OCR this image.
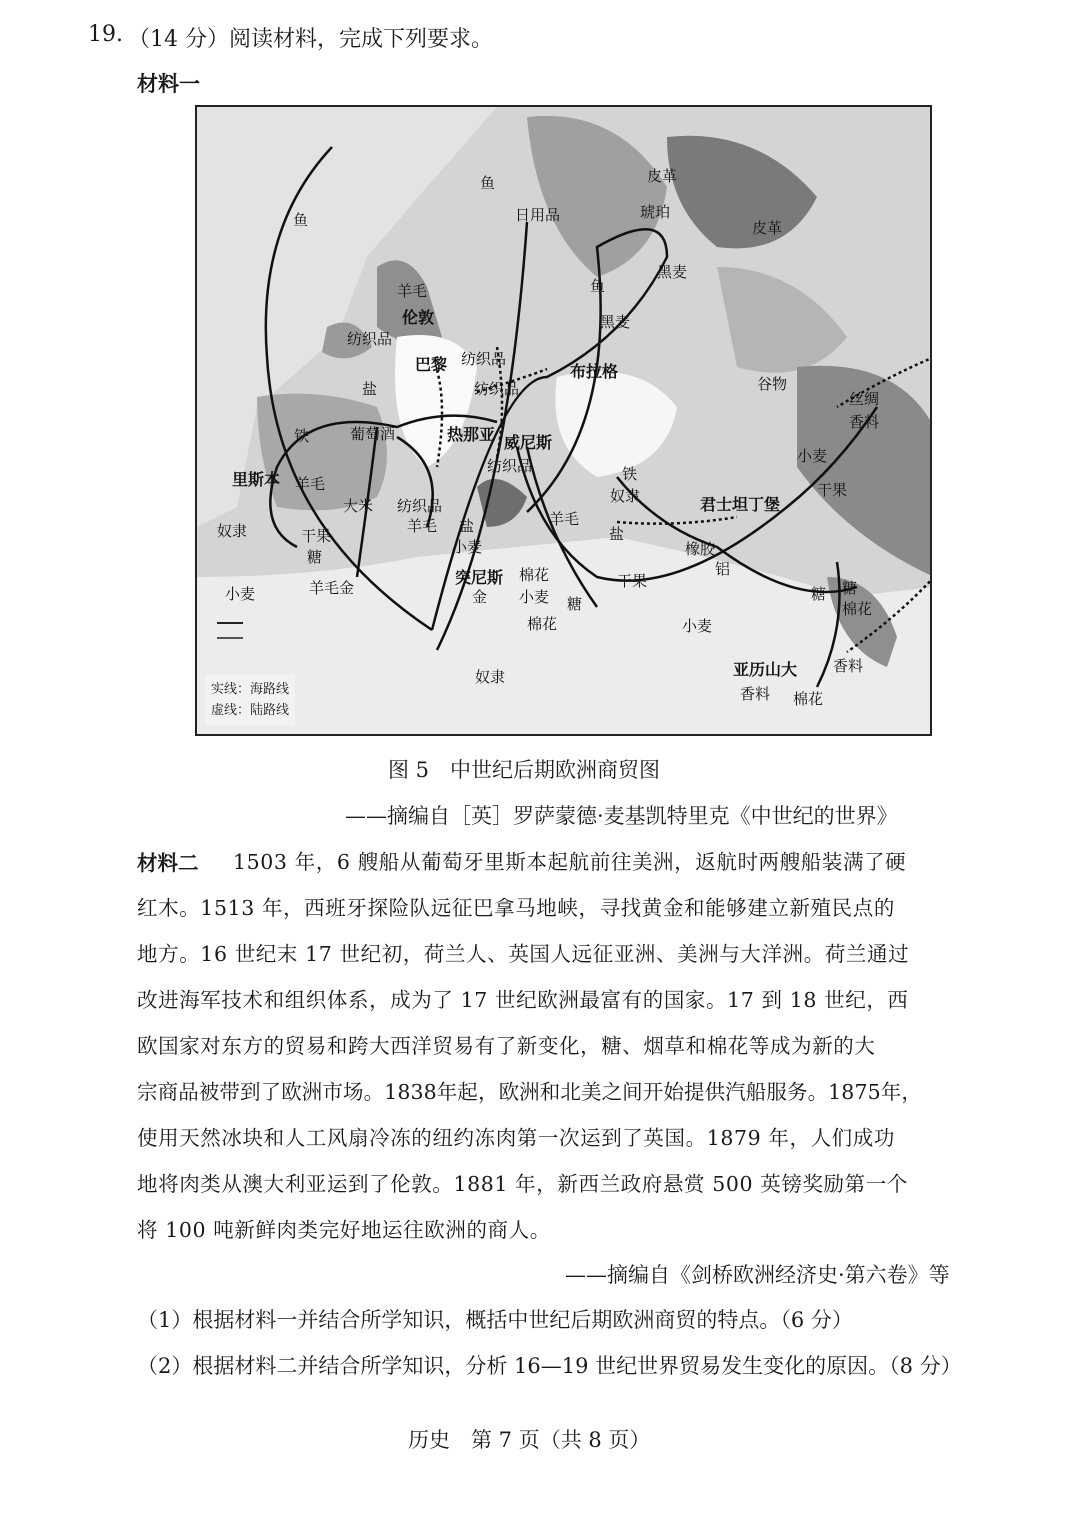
19. （14 分）阅读材料，完成下列要求。
材料一
鱼
鱼
日用品
皮革
琥珀
皮革
黑麦
鱼
黑麦
羊毛
纺织品
纺织品
纺织品	谷物
丝绸
香料
盐
铁	葡萄酒
纺织品
羊毛
大米 纺织品
羊毛
铁
奴隶
小麦
干果
盐
小麦
羊毛
盐
橡胶
铝
奴隶	干果
糖
棉花
金 小麦 糖
棉花
干果
小麦	羊毛金	糖 糖
棉花
小麦
香料
香料 棉花
奴隶
伦敦
巴黎	布拉格
热那亚 威尼斯
里斯本
君士坦丁堡
突尼斯
亚历山大
实线：海路线
虚线：陆路线
图 5　中世纪后期欧洲商贸图
——摘编自［英］罗萨蒙德·麦基凯特里克《中世纪的世界》
材料二 1503 年，6 艘船从葡萄牙里斯本起航前往美洲，返航时两艘船装满了硬
红木。1513 年，西班牙探险队远征巴拿马地峡，寻找黄金和能够建立新殖民点的
地方。16 世纪末 17 世纪初，荷兰人、英国人远征亚洲、美洲与大洋洲。荷兰通过
改进海军技术和组织体系，成为了 17 世纪欧洲最富有的国家。17 到 18 世纪，西
欧国家对东方的贸易和跨大西洋贸易有了新变化，糖、烟草和棉花等成为新的大
宗商品被带到了欧洲市场。1838年起，欧洲和北美之间开始提供汽船服务。1875年，
使用天然冰块和人工风扇冷冻的纽约冻肉第一次运到了英国。1879 年，人们成功
地将肉类从澳大利亚运到了伦敦。1881 年，新西兰政府悬赏 500 英镑奖励第一个
将 100 吨新鲜肉类完好地运往欧洲的商人。
——摘编自《剑桥欧洲经济史·第六卷》等
（1）根据材料一并结合所学知识，概括中世纪后期欧洲商贸的特点。（6 分）
（2）根据材料二并结合所学知识，分析 16—19 世纪世界贸易发生变化的原因。（8 分）
历史　第 7 页（共 8 页）
